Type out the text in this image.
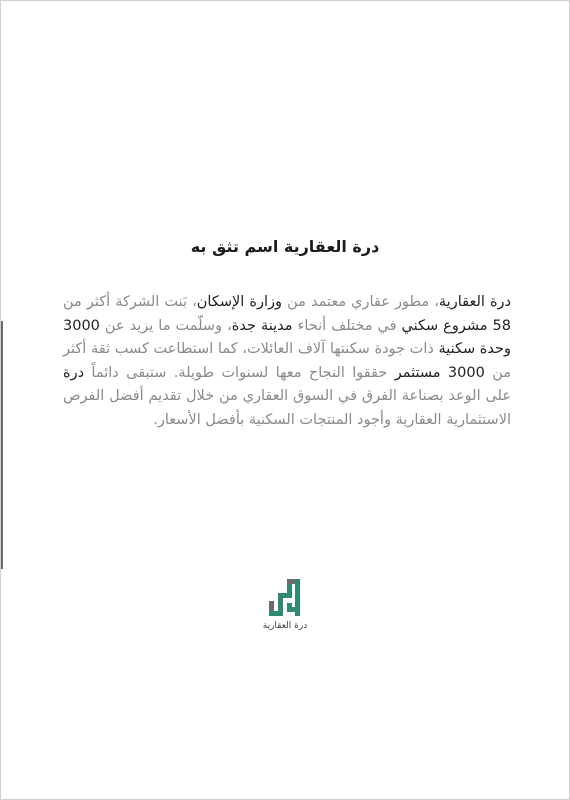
درة العقارية اسم تثق به

درة العقارية، مطور عقاري معتمد من وزارة الإسكان، بَنت الشركة أكثر من 58 مشروع سكني في مختلف أنحاء مدينة جدة، وسلّمت ما يزيد عن 3000 وحدة سكنية ذات جودة سكنتها آلاف العائلات، كما استطاعت كسب ثقة أكثر من 3000 مستثمر حققوا النجاح معها لسنوات طويلة. ستبقى دائماً درة على الوعد بصناعة الفرق في السوق العقاري من خلال تقديم أفضل الفرص الاستثمارية العقارية وأجود المنتجات السكنية بأفضل الأسعار.

درة العقارية
